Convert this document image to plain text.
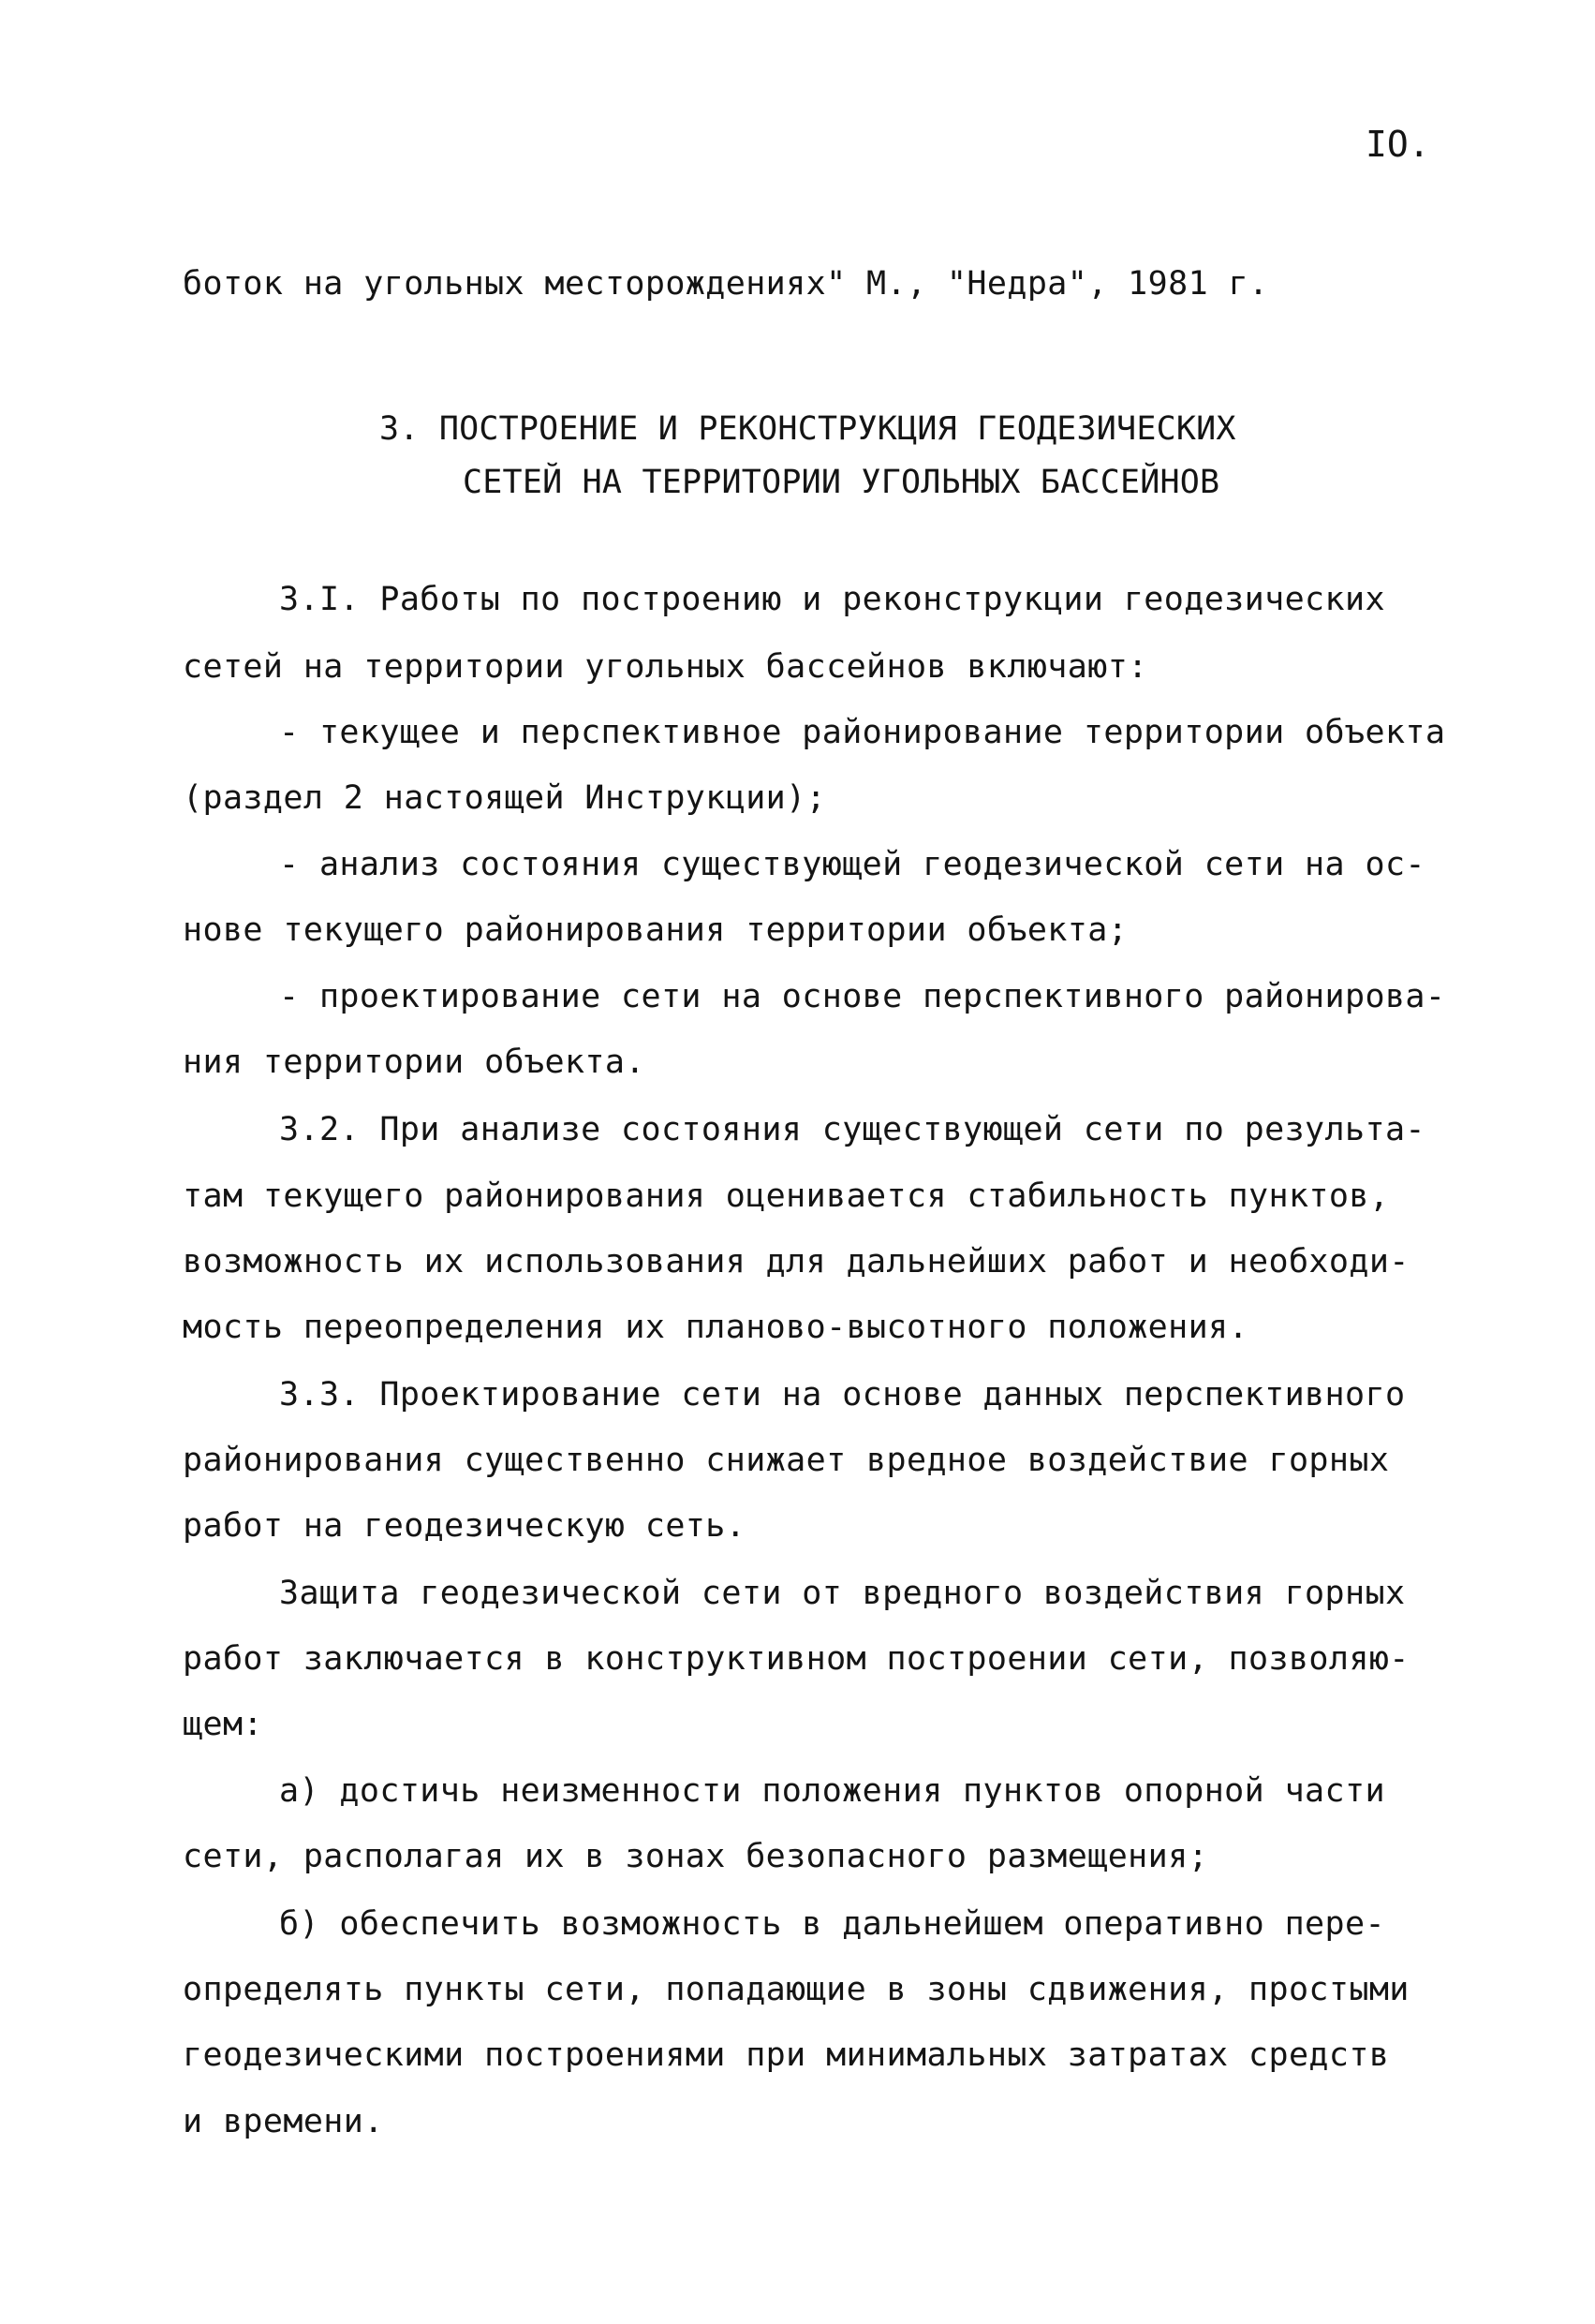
IO.
боток на угольных месторождениях" М., "Недра", 1981 г.
3. ПОСТРОЕНИЕ И РЕКОНСТРУКЦИЯ ГЕОДЕЗИЧЕСКИХ
СЕТЕЙ НА ТЕРРИТОРИИ УГОЛЬНЫХ БАССЕЙНОВ
3.I. Работы по построению и реконструкции геодезических
сетей на территории угольных бассейнов включают:
- текущее и перспективное районирование территории объекта
(раздел 2 настоящей Инструкции);
- анализ состояния существующей геодезической сети на ос-
нове текущего районирования территории объекта;
- проектирование сети на основе перспективного районирова-
ния территории объекта.
3.2. При анализе состояния существующей сети по результа-
там текущего районирования оценивается стабильность пунктов,
возможность их использования для дальнейших работ и необходи-
мость переопределения их планово-высотного положения.
3.3. Проектирование сети на основе данных перспективного
районирования существенно снижает вредное воздействие горных
работ на геодезическую сеть.
Защита геодезической сети от вредного воздействия горных
работ заключается в конструктивном построении сети, позволяю-
щем:
а) достичь неизменности положения пунктов опорной части
сети, располагая их в зонах безопасного размещения;
б) обеспечить возможность в дальнейшем оперативно пере-
определять пункты сети, попадающие в зоны сдвижения, простыми
геодезическими построениями при минимальных затратах средств
и времени.
